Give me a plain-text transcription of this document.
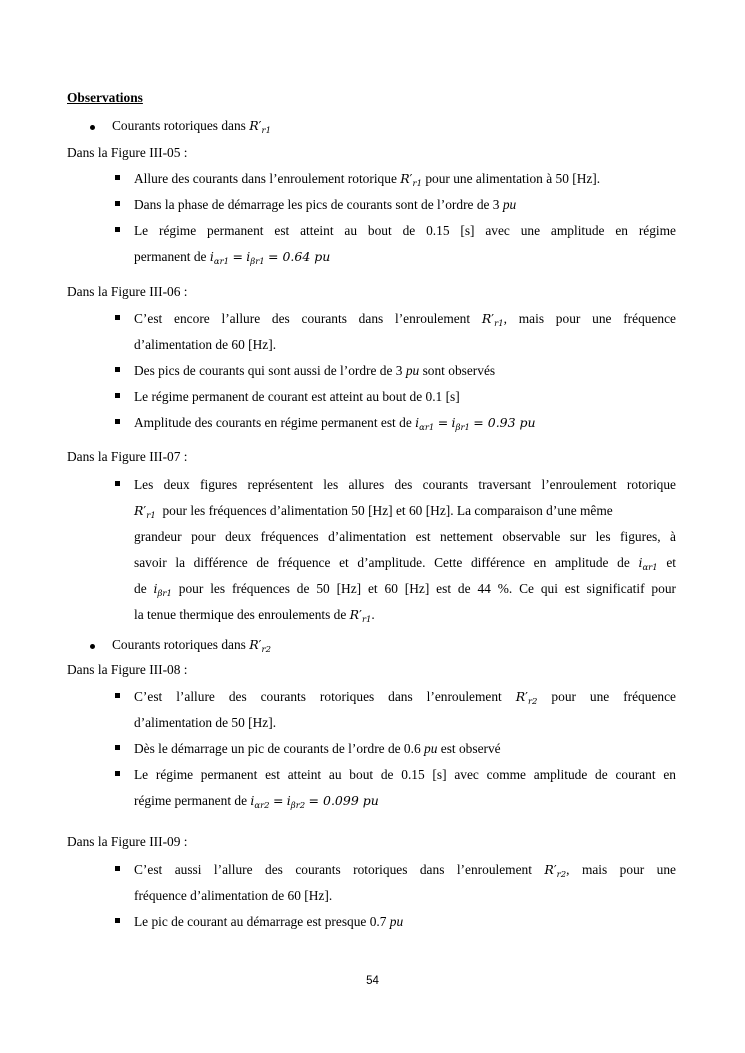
Observations
Courants rotoriques dans $R'_{r1}$
Dans la Figure III-05 :
Allure des courants dans l’enroulement rotorique $R'_{r1}$ pour une alimentation à 50 [Hz].
Dans la phase de démarrage les pics de courants sont de l’ordre de 3 pu
Le régime permanent est atteint au bout de 0.15 [s] avec une amplitude en régime
permanent de $i_{\alpha r1} = i_{\beta r1} = 0.64$ pu
Dans la Figure III-06 :
C’est encore l’allure des courants dans l’enroulement $R'_{r1}$, mais pour une fréquence
d’alimentation de 60 [Hz].
Des pics de courants qui sont aussi de l’ordre de 3 pu sont observés
Le régime permanent de courant est atteint au bout de 0.1 [s]
Amplitude des courants en régime permanent est de $i_{\alpha r1} = i_{\beta r1} = 0.93$ pu
Dans la Figure III-07 :
Les deux figures représentent les allures des courants traversant l’enroulement rotorique
$R'_{r1}$ pour les fréquences d’alimentation 50 [Hz] et 60 [Hz]. La comparaison d’une même
grandeur pour deux fréquences d’alimentation est nettement observable sur les figures, à
savoir la différence de fréquence et d’amplitude. Cette différence en amplitude de $i_{\alpha r1}$ et
de $i_{\beta r1}$ pour les fréquences de 50 [Hz] et 60 [Hz] est de 44 %. Ce qui est significatif pour
la tenue thermique des enroulements de $R'_{r1}$.
Courants rotoriques dans $R'_{r2}$
Dans la Figure III-08 :
C’est l’allure des courants rotoriques dans l’enroulement $R'_{r2}$ pour une fréquence
d’alimentation de 50 [Hz].
Dès le démarrage un pic de courants de l’ordre de 0.6 pu est observé
Le régime permanent est atteint au bout de 0.15 [s] avec comme amplitude de courant en
régime permanent de $i_{\alpha r2} = i_{\beta r2} = 0.099$ pu
Dans la Figure III-09 :
C’est aussi l’allure des courants rotoriques dans l’enroulement $R'_{r2}$, mais pour une
fréquence d’alimentation de 60 [Hz].
Le pic de courant au démarrage est presque 0.7 pu
54
